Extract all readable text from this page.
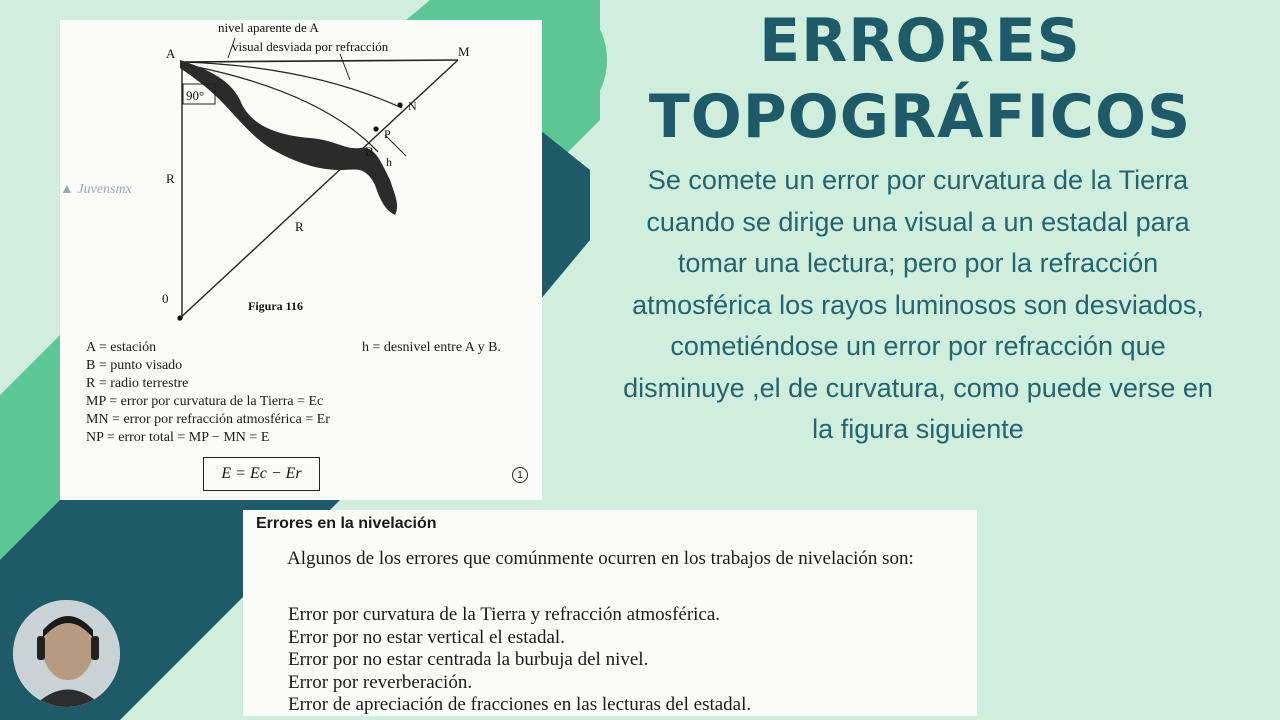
ERRORES
TOPOGRÁFICOS

Se comete un error por curvatura de la Tierra cuando se dirige una visual a un estadal para tomar una lectura; pero por la refracción atmosférica los rayos luminosos son desviados, cometiéndose un error por refracción que disminuye ,el de curvatura, como puede verse en la figura siguiente

nivel aparente de A
visual desviada por refracción
A	M
N
P
B
h
R
R
0
90°
Figura 116
▲ Juvensmx
A = estación
B = punto visado
R = radio terrestre
MP = error por curvatura de la Tierra = Ec
MN = error por refracción atmosférica = Er
NP = error total = MP − MN = E
h = desnivel entre A y B.
E = Ec − Er	1
Errores en la nivelación

Algunos de los errores que comúnmente ocurren en los trabajos de nivelación son:

Error por curvatura de la Tierra y refracción atmosférica.
Error por no estar vertical el estadal.
Error por no estar centrada la burbuja del nivel.
Error por reverberación.
Error de apreciación de fracciones en las lecturas del estadal.
